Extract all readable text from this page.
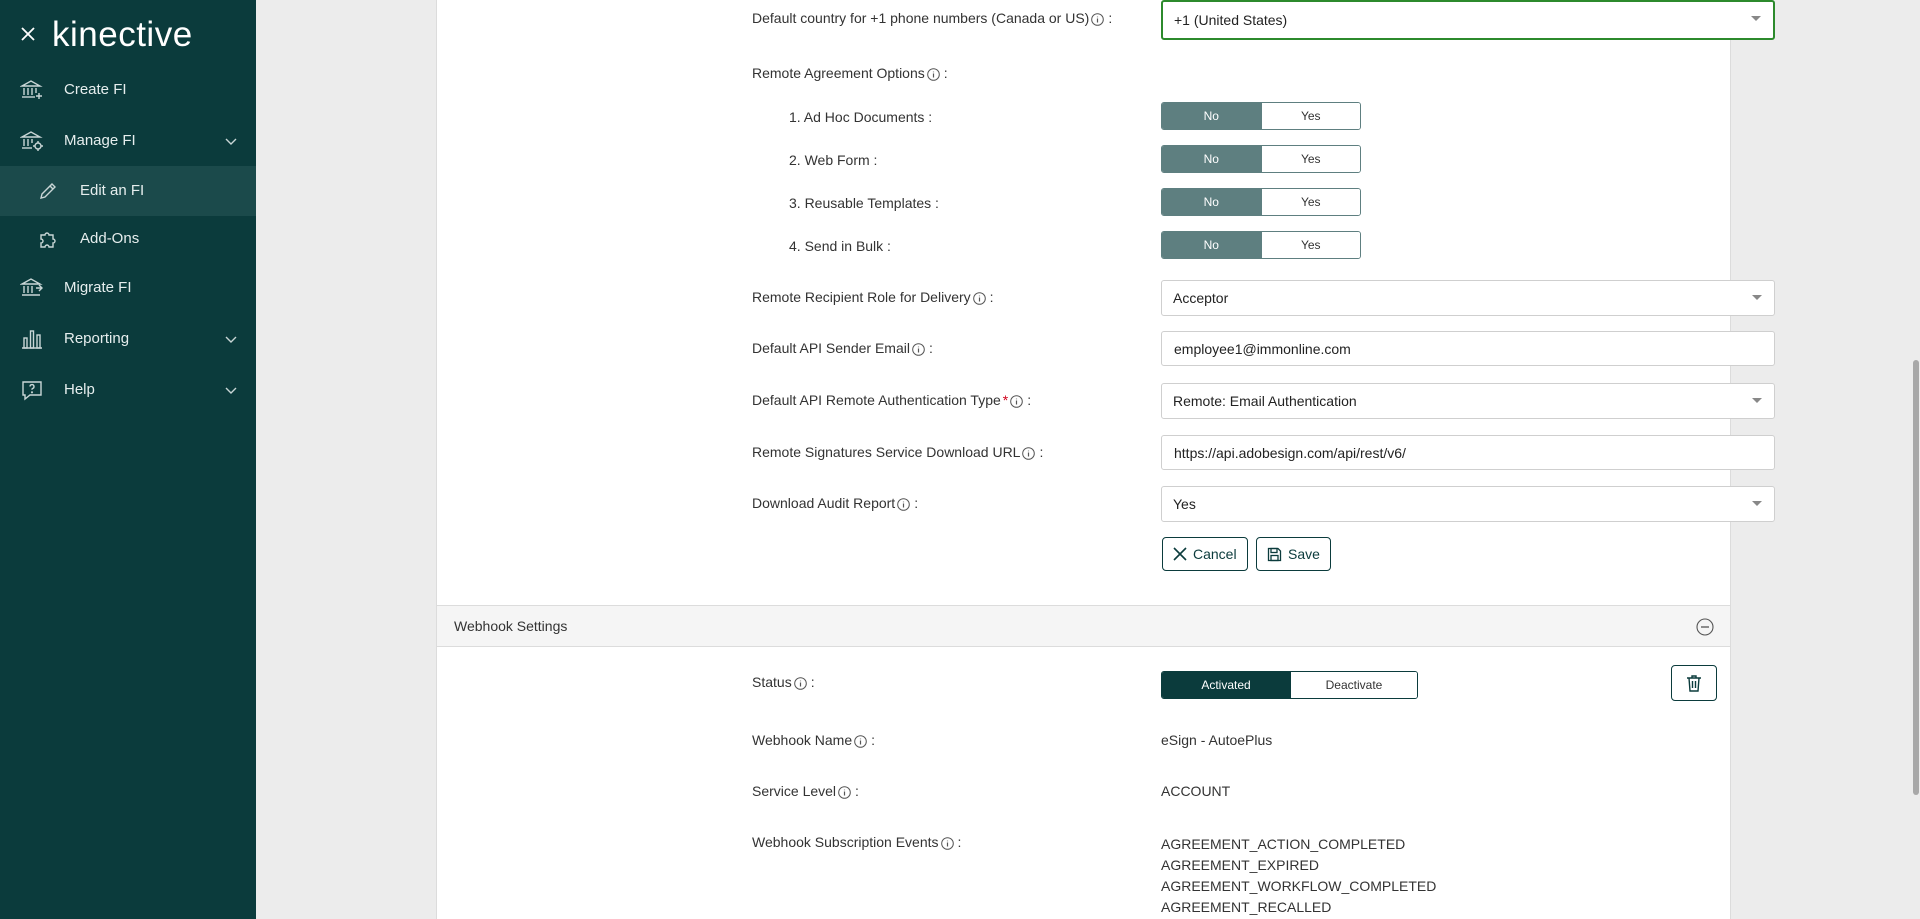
kinective
Create FI
Manage FI
Edit an FI
Add-Ons
Migrate FI
Reporting
Help
Default country for +1 phone numbers (Canada or US) :	+1 (United States)
Remote Agreement Options :
1. Ad Hoc Documents :	No	Yes
2. Web Form :	No	Yes
3. Reusable Templates :	No	Yes
4. Send in Bulk :	No	Yes
Remote Recipient Role for Delivery :	Acceptor
Default API Sender Email :	employee1@immonline.com
Default API Remote Authentication Type * :	Remote: Email Authentication
Remote Signatures Service Download URL :	https://api.adobesign.com/api/rest/v6/
Download Audit Report :	Yes
Cancel	Save
Webhook Settings
Status :	Activated	Deactivate
Webhook Name :	eSign - AutoePlus
Service Level :	ACCOUNT
Webhook Subscription Events :	AGREEMENT_ACTION_COMPLETED
AGREEMENT_EXPIRED
AGREEMENT_WORKFLOW_COMPLETED
AGREEMENT_RECALLED
